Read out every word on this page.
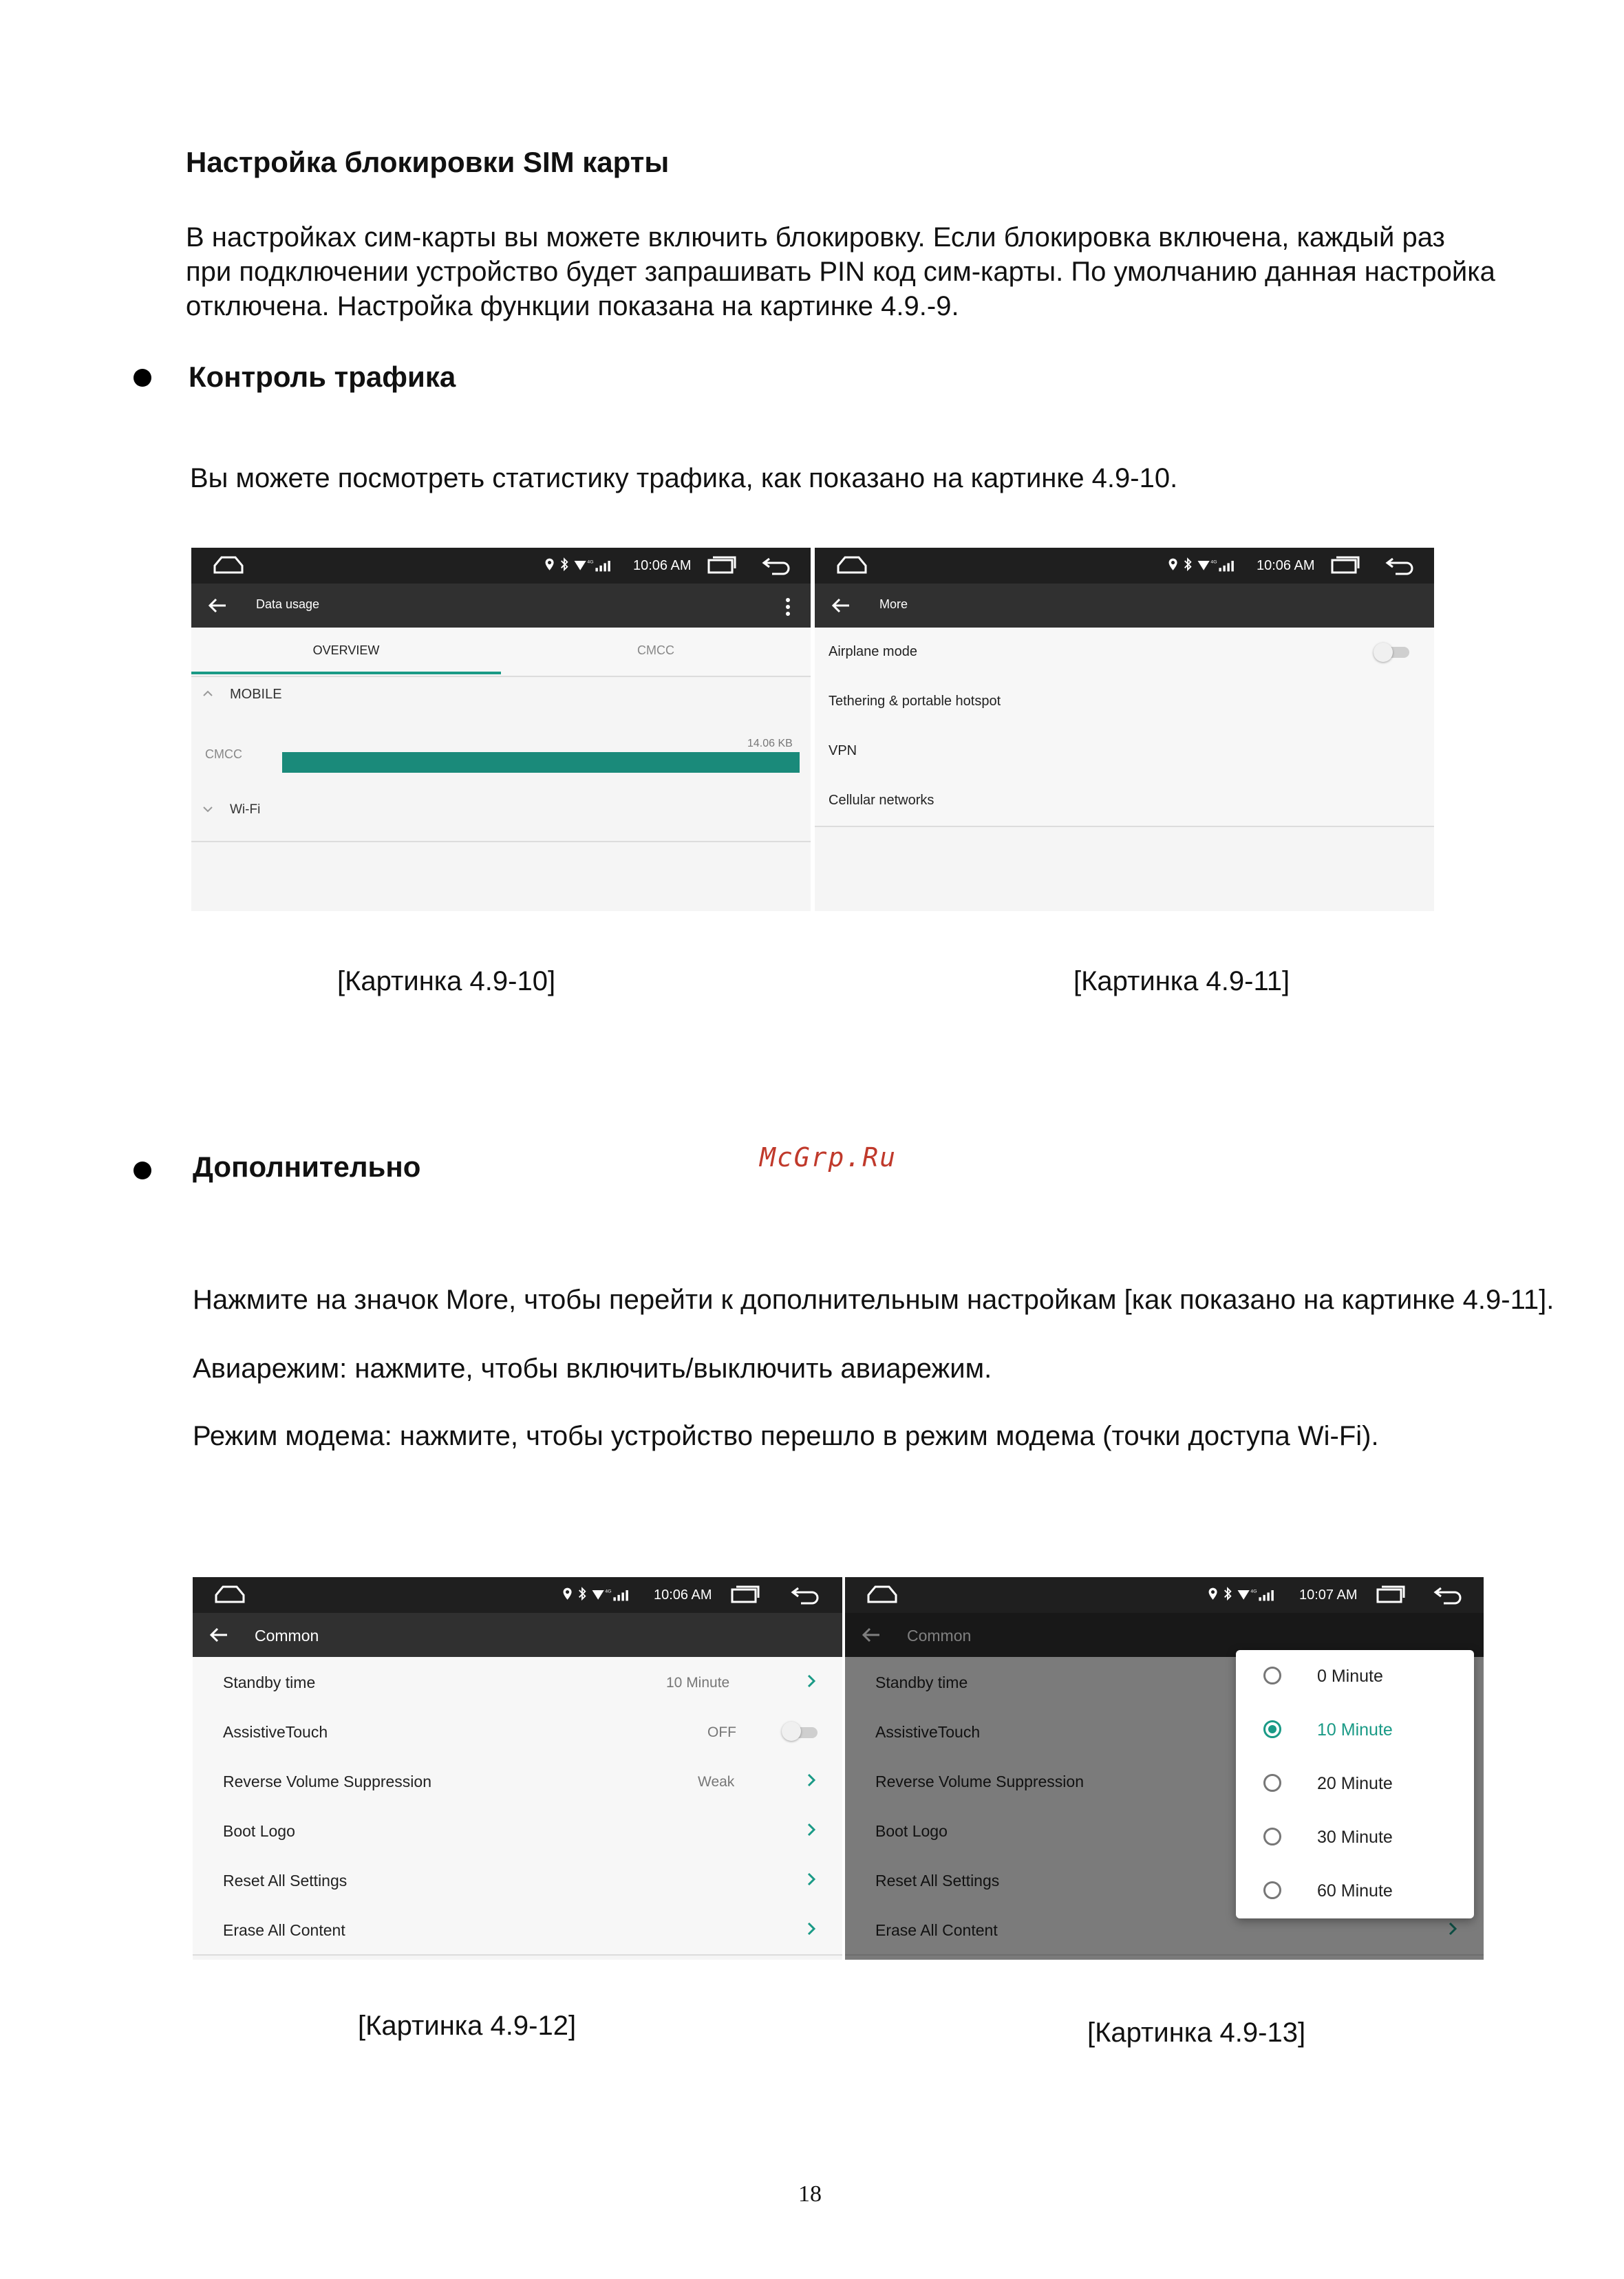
Настройка блокировки SIM карты
В настройках сим-карты вы можете включить блокировку. Если блокировка включена, каждый раз
при подключении устройство будет запрашивать PIN код сим-карты. По умолчанию данная настройка
отключена. Настройка функции показана на картинке 4.9.-9.
Контроль трафика
Вы можете посмотреть статистику трафика, как показано на картинке 4.9-10.
10:06 AM
Data usage
OVERVIEW	CMCC
MOBILE
CMCC
14.06 KB
Wi-Fi
10:06 AM
More
Airplane mode
Tethering & portable hotspot
VPN
Cellular networks
[Картинка 4.9-10]	[Картинка 4.9-11]
Дополнительно	McGrp.Ru
Нажмите на значок More, чтобы перейти к дополнительным настройкам [как показано на картинке 4.9-11].
Авиарежим: нажмите, чтобы включить/выключить авиарежим.
Режим модема: нажмите, чтобы устройство перешло в режим модема (точки доступа Wi-Fi).
10:06 AM
Common
Standby time	10 Minute
AssistiveTouch	OFF
Reverse Volume Suppression	Weak
Boot Logo
Reset All Settings
Erase All Content
10:07 AM
0 Minute
10 Minute
20 Minute
30 Minute
60 Minute
[Картинка 4.9-12]	[Картинка 4.9-13]
18
